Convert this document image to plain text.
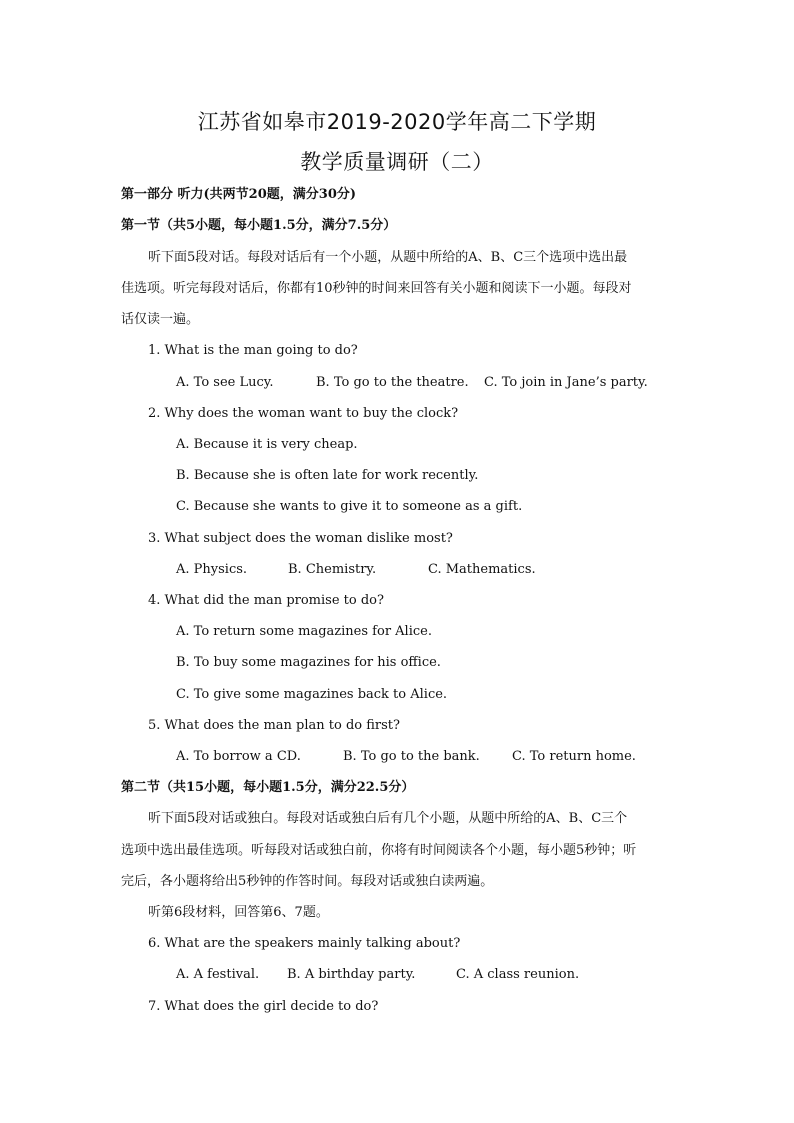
江苏省如皋市2019-2020学年高二下学期
教学质量调研（二）
第一部分 听力(共两节20题，满分30分)
第一节（共5小题，每小题1.5分，满分7.5分）
听下面5段对话。每段对话后有一个小题，从题中所给的A、B、C三个选项中选出最
佳选项。听完每段对话后，你都有10秒钟的时间来回答有关小题和阅读下一小题。每段对
话仅读一遍。
1. What is the man going to do?
A. To see Lucy.	B. To go to the theatre. C. To join in Jane’s party.
2. Why does the woman want to buy the clock?
A. Because it is very cheap.
B. Because she is often late for work recently.
C. Because she wants to give it to someone as a gift.
3. What subject does the woman dislike most?
A. Physics.	B. Chemistry.	C. Mathematics.
4. What did the man promise to do?
A. To return some magazines for Alice.
B. To buy some magazines for his office.
C. To give some magazines back to Alice.
5. What does the man plan to do first?
A. To borrow a CD.	B. To go to the bank. C. To return home.
第二节（共15小题，每小题1.5分，满分22.5分）
听下面5段对话或独白。每段对话或独白后有几个小题，从题中所给的A、B、C三个
选项中选出最佳选项。听每段对话或独白前，你将有时间阅读各个小题，每小题5秒钟；听
完后，各小题将给出5秒钟的作答时间。每段对话或独白读两遍。
听第6段材料，回答第6、7题。
6. What are the speakers mainly talking about?
A. A festival. B. A birthday party.	C. A class reunion.
7. What does the girl decide to do?
